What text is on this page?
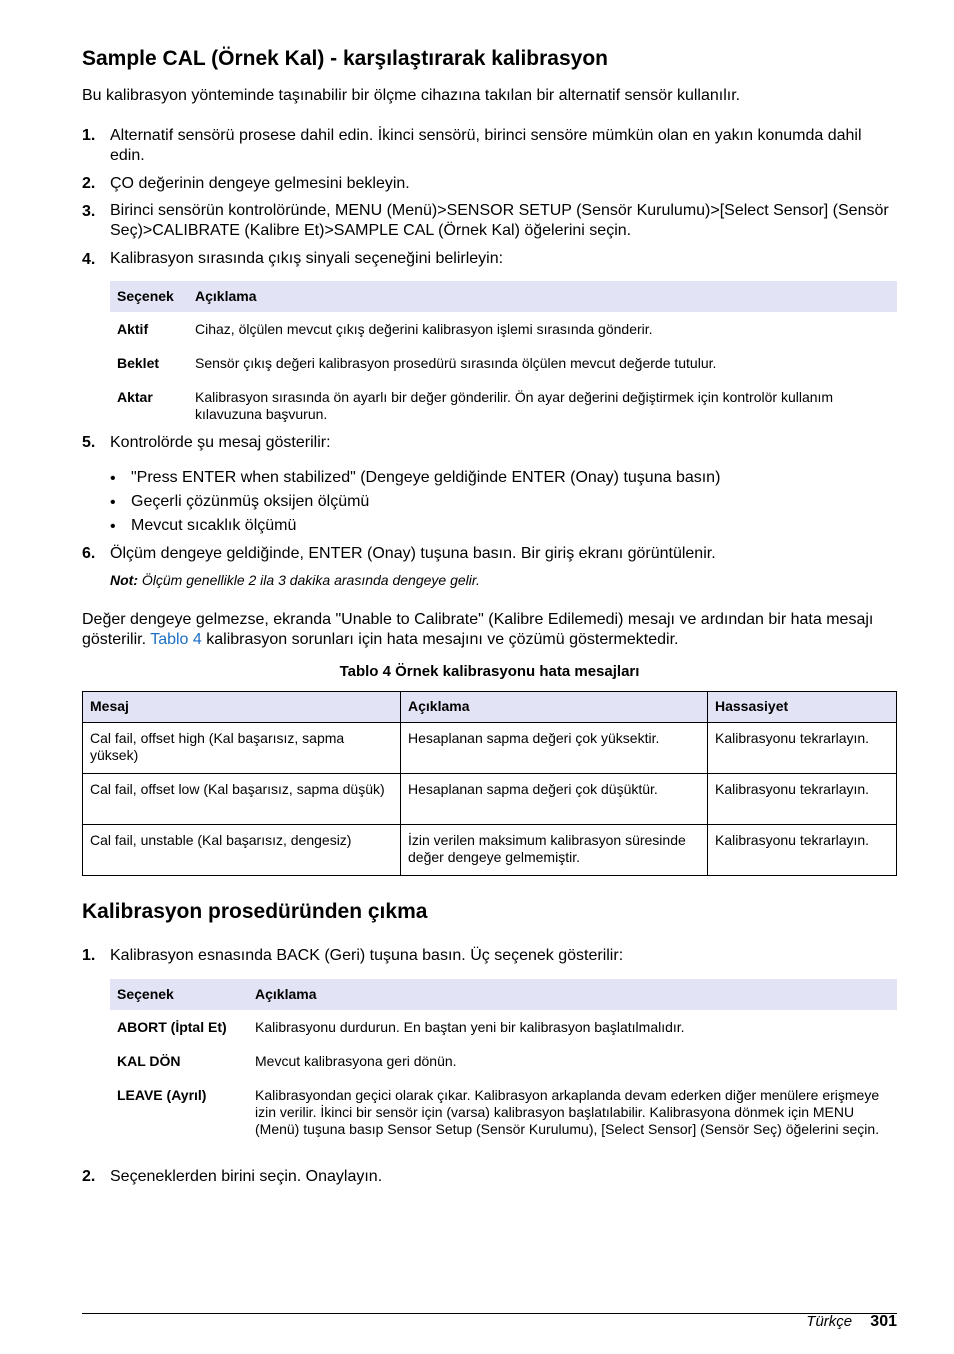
Sample CAL (Örnek Kal) - karşılaştırarak kalibrasyon

Bu kalibrasyon yönteminde taşınabilir bir ölçme cihazına takılan bir alternatif sensör kullanılır.

1. Alternatif sensörü prosese dahil edin. İkinci sensörü, birinci sensöre mümkün olan en yakın konumda dahil edin.
2. ÇO değerinin dengeye gelmesini bekleyin.
3. Birinci sensörün kontrolöründe, MENU (Menü)>SENSOR SETUP (Sensör Kurulumu)>[Select Sensor] (Sensör Seç)>CALIBRATE (Kalibre Et)>SAMPLE CAL (Örnek Kal) öğelerini seçin.
4. Kalibrasyon sırasında çıkış sinyali seçeneğini belirleyin:
Seçenek	Açıklama
Aktif	Cihaz, ölçülen mevcut çıkış değerini kalibrasyon işlemi sırasında gönderir.
Beklet	Sensör çıkış değeri kalibrasyon prosedürü sırasında ölçülen mevcut değerde tutulur.
Aktar	Kalibrasyon sırasında ön ayarlı bir değer gönderilir. Ön ayar değerini değiştirmek için kontrolör kullanım kılavuzuna başvurun.
5. Kontrolörde şu mesaj gösterilir:
• "Press ENTER when stabilized" (Dengeye geldiğinde ENTER (Onay) tuşuna basın)
• Geçerli çözünmüş oksijen ölçümü
• Mevcut sıcaklık ölçümü
6. Ölçüm dengeye geldiğinde, ENTER (Onay) tuşuna basın. Bir giriş ekranı görüntülenir.
Not: Ölçüm genellikle 2 ila 3 dakika arasında dengeye gelir.

Değer dengeye gelmezse, ekranda "Unable to Calibrate" (Kalibre Edilemedi) mesajı ve ardından bir hata mesajı gösterilir. Tablo 4 kalibrasyon sorunları için hata mesajını ve çözümü göstermektedir.

Tablo 4 Örnek kalibrasyonu hata mesajları
Mesaj	Açıklama	Hassasiyet
Cal fail, offset high (Kal başarısız, sapma yüksek)	Hesaplanan sapma değeri çok yüksektir.	Kalibrasyonu tekrarlayın.
Cal fail, offset low (Kal başarısız, sapma düşük)	Hesaplanan sapma değeri çok düşüktür.	Kalibrasyonu tekrarlayın.
Cal fail, unstable (Kal başarısız, dengesiz)	İzin verilen maksimum kalibrasyon süresinde değer dengeye gelmemiştir.	Kalibrasyonu tekrarlayın.
Kalibrasyon prosedüründen çıkma
1. Kalibrasyon esnasında BACK (Geri) tuşuna basın. Üç seçenek gösterilir:
Seçenek	Açıklama
ABORT (İptal Et)	Kalibrasyonu durdurun. En baştan yeni bir kalibrasyon başlatılmalıdır.
KAL DÖN	Mevcut kalibrasyona geri dönün.
LEAVE (Ayrıl)	Kalibrasyondan geçici olarak çıkar. Kalibrasyon arkaplanda devam ederken diğer menülere erişmeye izin verilir. İkinci bir sensör için (varsa) kalibrasyon başlatılabilir. Kalibrasyona dönmek için MENU (Menü) tuşuna basıp Sensor Setup (Sensör Kurulumu), [Select Sensor] (Sensör Seç) öğelerini seçin.
2. Seçeneklerden birini seçin. Onaylayın.
Türkçe 301
